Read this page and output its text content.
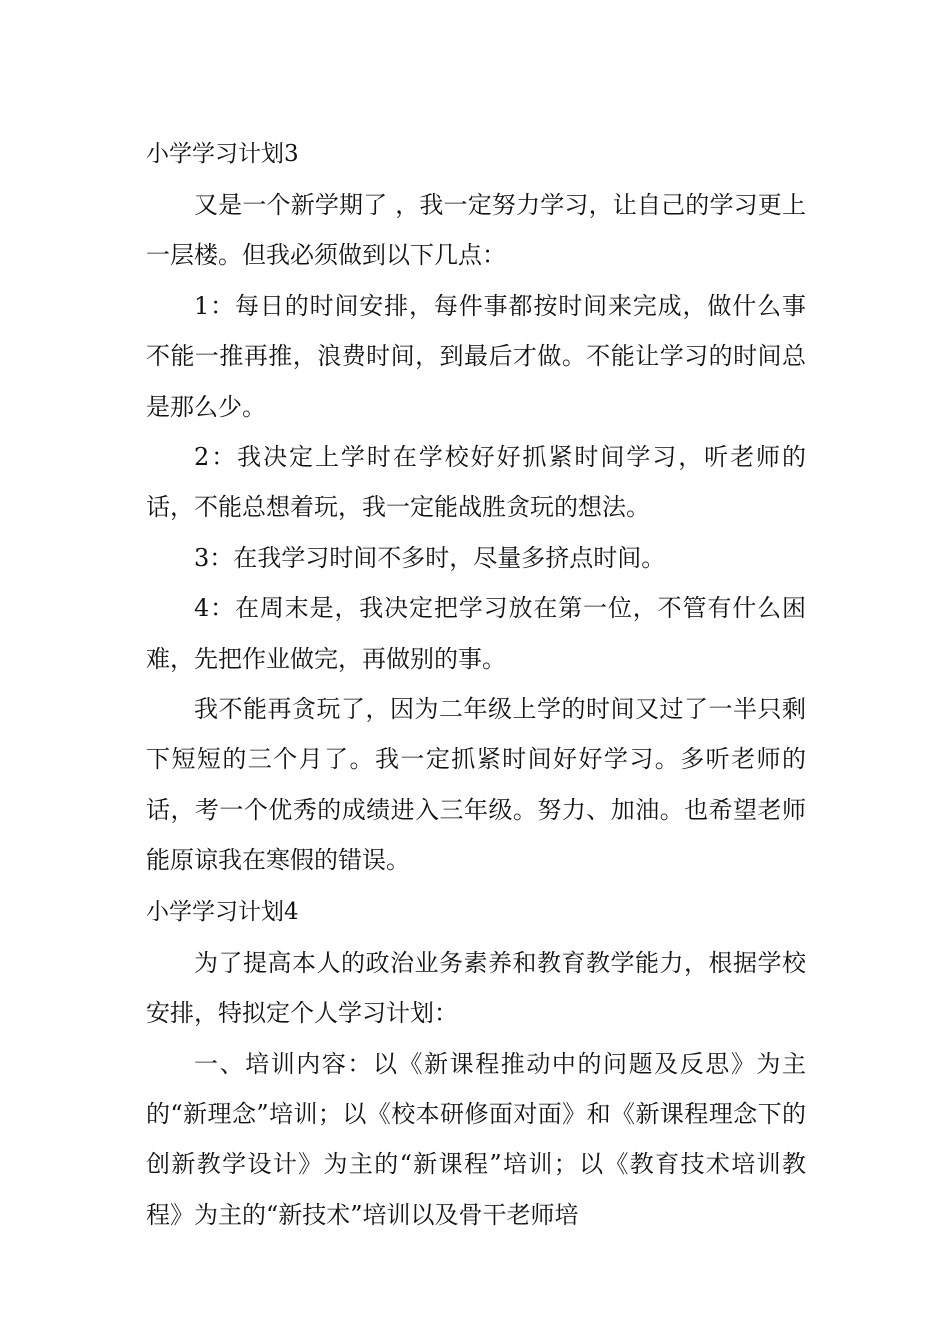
小学学习计划3

又是一个新学期了 ，我一定努力学习，让自己的学习更上一层楼。但我必须做到以下几点：

1：每日的时间安排，每件事都按时间来完成，做什么事不能一推再推，浪费时间，到最后才做。不能让学习的时间总是那么少。

2：我决定上学时在学校好好抓紧时间学习，听老师的话，不能总想着玩，我一定能战胜贪玩的想法。

3：在我学习时间不多时，尽量多挤点时间。

4：在周末是，我决定把学习放在第一位，不管有什么困难，先把作业做完，再做别的事。

我不能再贪玩了，因为二年级上学的时间又过了一半只剩下短短的三个月了。我一定抓紧时间好好学习。多听老师的话，考一个优秀的成绩进入三年级。努力、加油。也希望老师能原谅我在寒假的错误。

小学学习计划4

为了提高本人的政治业务素养和教育教学能力，根据学校安排，特拟定个人学习计划：

一、培训内容：以《新课程推动中的问题及反思》为主的“新理念”培训；以《校本研修面对面》和《新课程理念下的创新教学设计》为主的“新课程”培训；以《教育技术培训教程》为主的“新技术”培训以及骨干老师培
